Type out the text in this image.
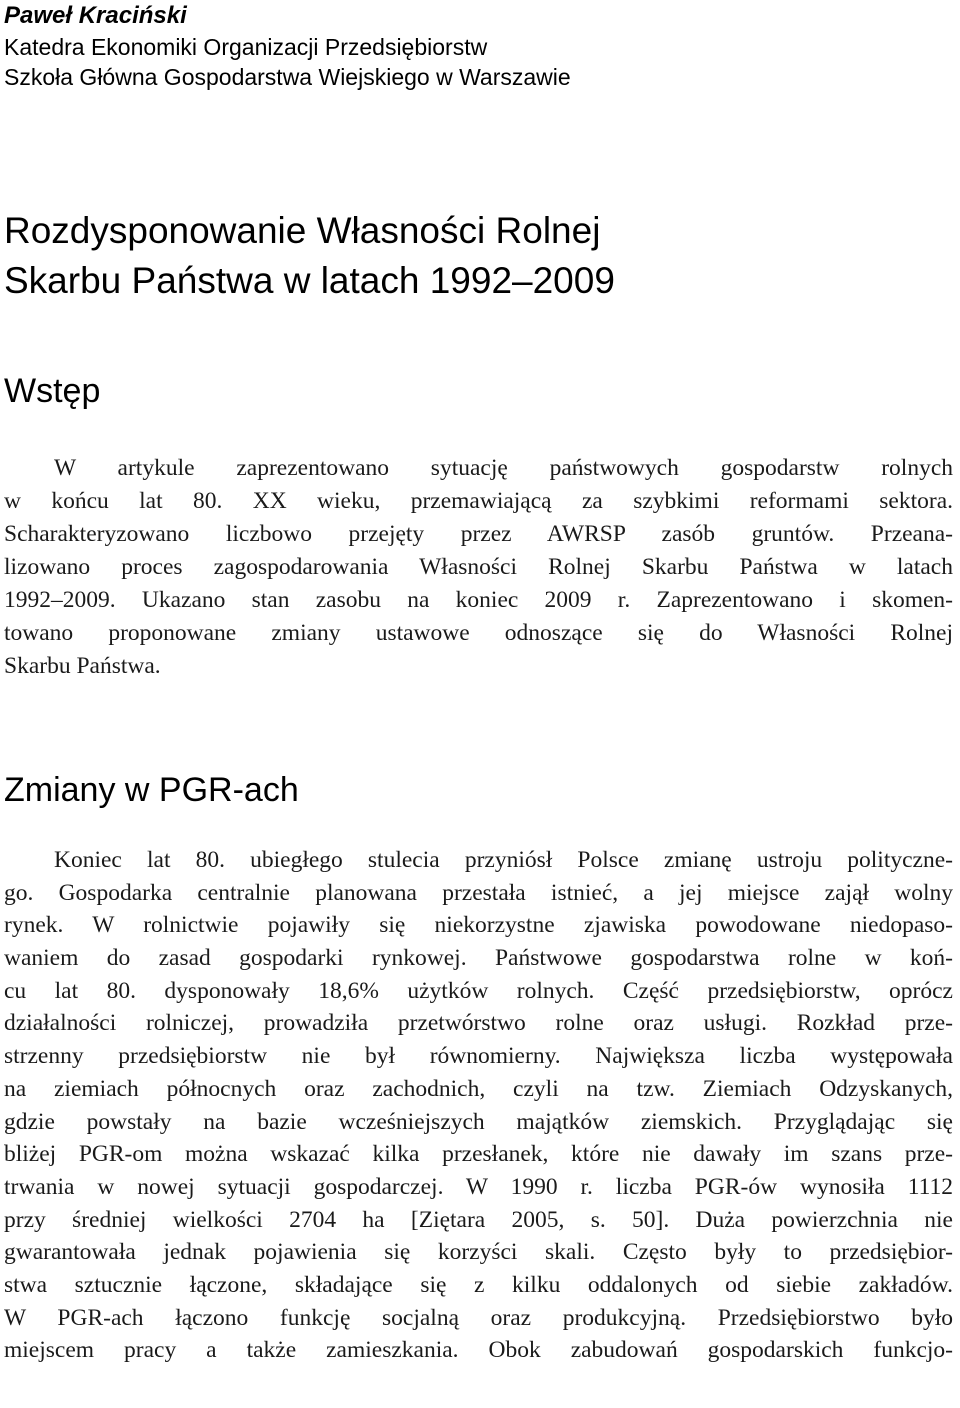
Paweł Kraciński
Katedra Ekonomiki Organizacji Przedsiębiorstw
Szkoła Główna Gospodarstwa Wiejskiego w Warszawie
Rozdysponowanie Własności Rolnej
Skarbu Państwa w latach 1992–2009
Wstęp
W artykule zaprezentowano sytuację państwowych gospodarstw rolnych
w końcu lat 80. XX wieku, przemawiającą za szybkimi reformami sektora.
Scharakteryzowano liczbowo przejęty przez AWRSP zasób gruntów. Przeana-
lizowano proces zagospodarowania Własności Rolnej Skarbu Państwa w latach
1992–2009. Ukazano stan zasobu na koniec 2009 r. Zaprezentowano i skomen-
towano proponowane zmiany ustawowe odnoszące się do Własności Rolnej
Skarbu Państwa.
Zmiany w PGR-ach
Koniec lat 80. ubiegłego stulecia przyniósł Polsce zmianę ustroju polityczne-
go. Gospodarka centralnie planowana przestała istnieć, a jej miejsce zajął wolny
rynek. W rolnictwie pojawiły się niekorzystne zjawiska powodowane niedopaso-
waniem do zasad gospodarki rynkowej. Państwowe gospodarstwa rolne w koń-
cu lat 80. dysponowały 18,6% użytków rolnych. Część przedsiębiorstw, oprócz
działalności rolniczej, prowadziła przetwórstwo rolne oraz usługi. Rozkład prze-
strzenny przedsiębiorstw nie był równomierny. Największa liczba występowała
na ziemiach północnych oraz zachodnich, czyli na tzw. Ziemiach Odzyskanych,
gdzie powstały na bazie wcześniejszych majątków ziemskich. Przyglądając się
bliżej PGR-om można wskazać kilka przesłanek, które nie dawały im szans prze-
trwania w nowej sytuacji gospodarczej. W 1990 r. liczba PGR-ów wynosiła 1112
przy średniej wielkości 2704 ha [Ziętara 2005, s. 50]. Duża powierzchnia nie
gwarantowała jednak pojawienia się korzyści skali. Często były to przedsiębior-
stwa sztucznie łączone, składające się z kilku oddalonych od siebie zakładów.
W PGR-ach łączono funkcję socjalną oraz produkcyjną. Przedsiębiorstwo było
miejscem pracy a także zamieszkania. Obok zabudowań gospodarskich funkcjo-
